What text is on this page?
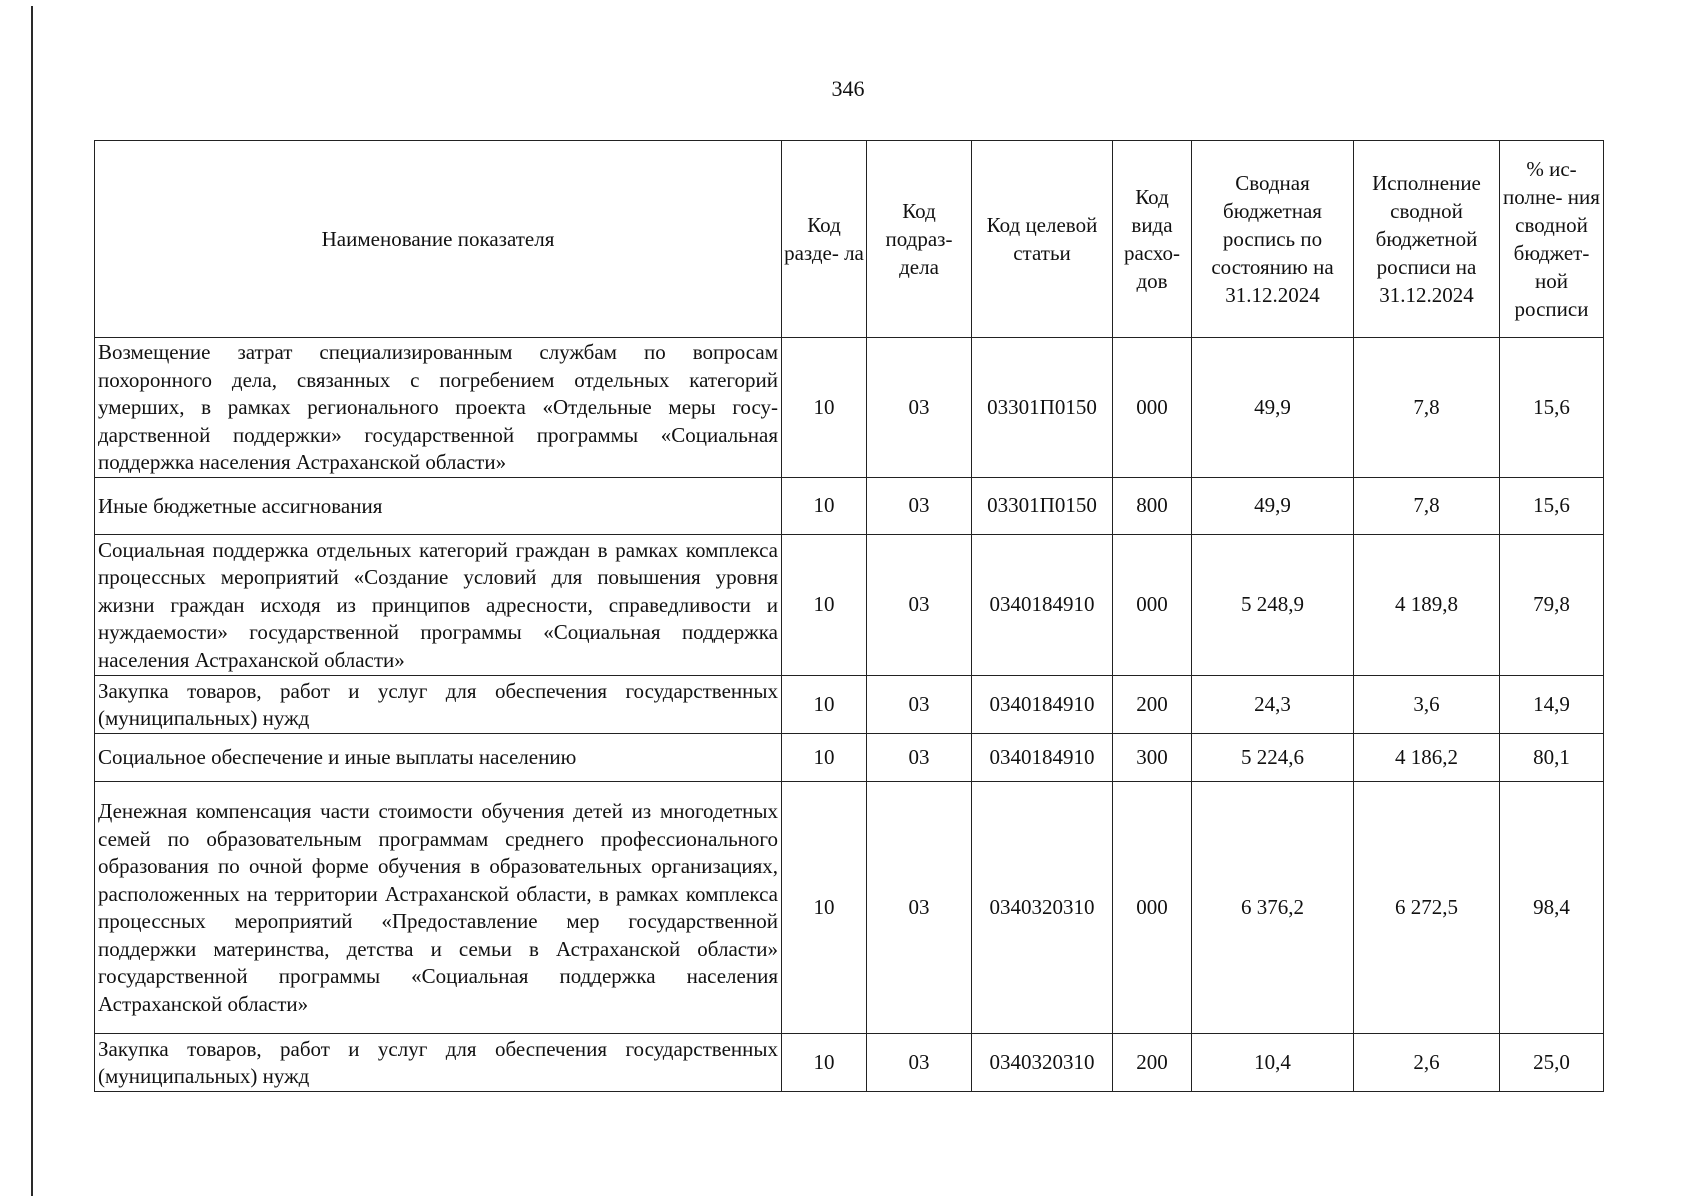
346
Наименование показателя	Код разде- ла	Код подраз- дела	Код целевой статьи	Код вида расхо- дов	Сводная бюджетная роспись по состоянию на 31.12.2024	Исполнение сводной бюджетной росписи на 31.12.2024	% ис- полне- ния сводной бюджет- ной росписи
Возмещение затрат специализированным службам по вопросам похоронного дела, связанных с погребением отдельных категорий умерших, в рамках регионального проекта «Отдельные меры государственной поддержки» государственной программы «Социальная поддержка населения Астраханской области»	10	03	03301П0150	000	49,9	7,8	15,6
Иные бюджетные ассигнования	10	03	03301П0150	800	49,9	7,8	15,6
Социальная поддержка отдельных категорий граждан в рамках комплекса процессных мероприятий «Создание условий для повышения уровня жизни граждан исходя из принципов адресности, справедливости и нуждаемости» государственной программы «Социальная поддержка населения Астраханской области»	10	03	0340184910	000	5 248,9	4 189,8	79,8
Закупка товаров, работ и услуг для обеспечения государственных (муниципальных) нужд	10	03	0340184910	200	24,3	3,6	14,9
Социальное обеспечение и иные выплаты населению	10	03	0340184910	300	5 224,6	4 186,2	80,1
Денежная компенсация части стоимости обучения детей из многодетных семей по образовательным программам среднего профессионального образования по очной форме обучения в образовательных организациях, расположенных на территории Астраханской области, в рамках комплекса процессных мероприятий «Предоставление мер государственной поддержки материнства, детства и семьи в Астраханской области» государственной программы «Социальная поддержка населения Астраханской области»	10	03	0340320310	000	6 376,2	6 272,5	98,4
Закупка товаров, работ и услуг для обеспечения государственных (муниципальных) нужд	10	03	0340320310	200	10,4	2,6	25,0
